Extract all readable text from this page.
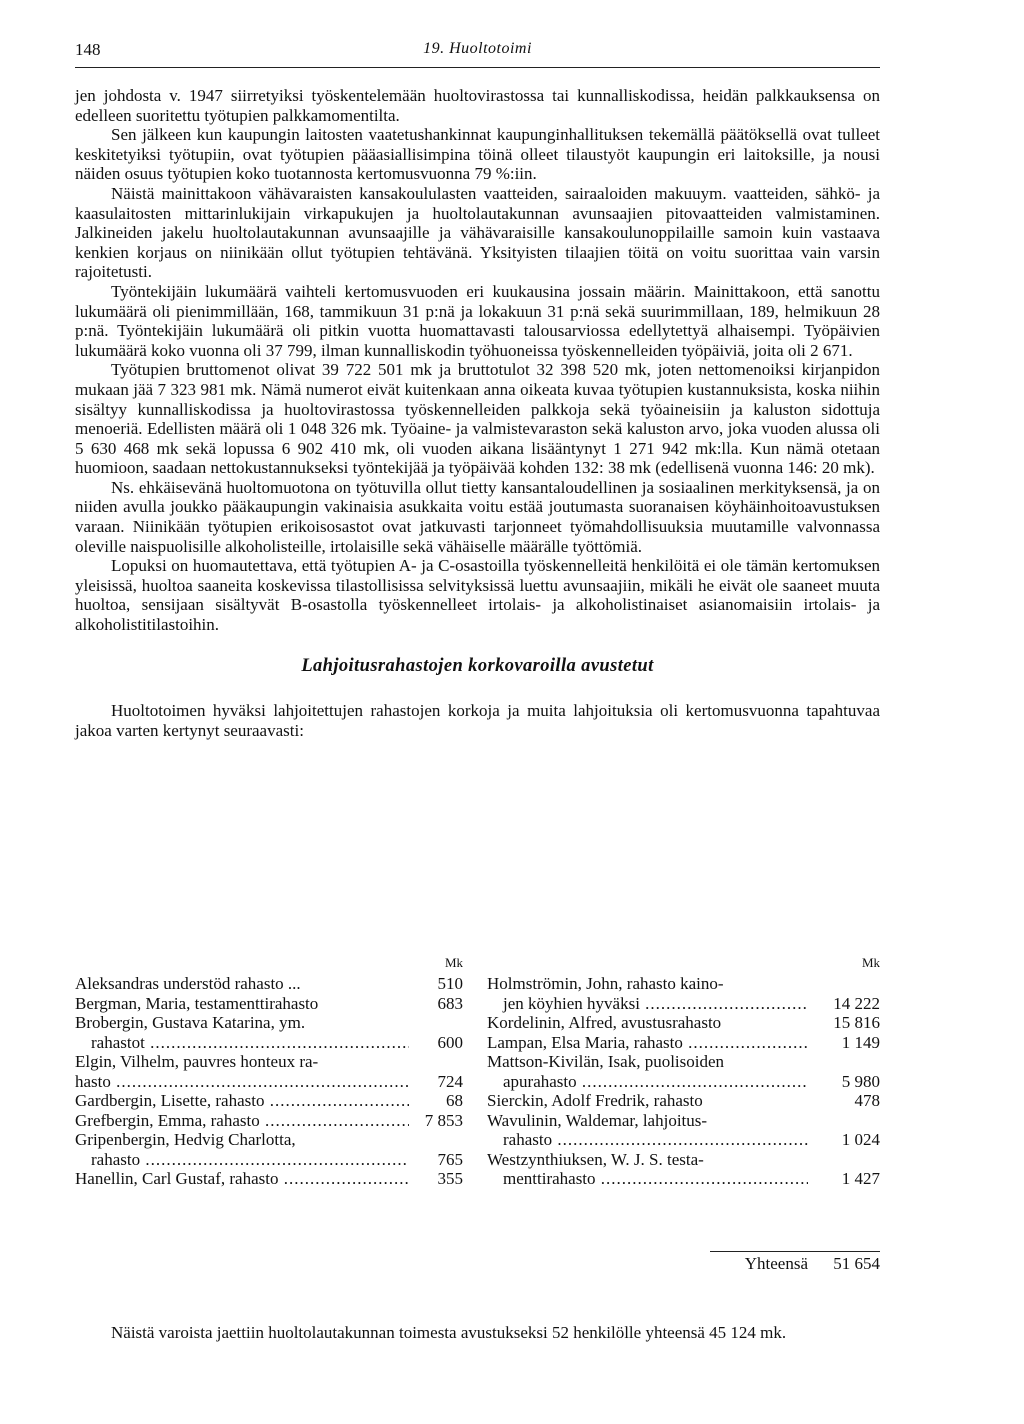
148	19. Huoltotoimi

jen johdosta v. 1947 siirretyiksi työskentelemään huoltovirastossa tai kunnalliskodissa, heidän palkkauksensa on edelleen suoritettu työtupien palkkamomentilta.

Sen jälkeen kun kaupungin laitosten vaatetushankinnat kaupunginhallituksen tekemällä päätöksellä ovat tulleet keskitetyiksi työtupiin, ovat työtupien pääasiallisimpina töinä olleet tilaustyöt kaupungin eri laitoksille, ja nousi näiden osuus työtupien koko tuotannosta kertomusvuonna 79 %:iin.

Näistä mainittakoon vähävaraisten kansakoululasten vaatteiden, sairaaloiden makuuym. vaatteiden, sähkö- ja kaasulaitosten mittarinlukijain virkapukujen ja huoltolautakunnan avunsaajien pitovaatteiden valmistaminen. Jalkineiden jakelu huoltolautakunnan avunsaajille ja vähävaraisille kansakoulunoppilaille samoin kuin vastaava kenkien korjaus on niinikään ollut työtupien tehtävänä. Yksityisten tilaajien töitä on voitu suorittaa vain varsin rajoitetusti.

Työntekijäin lukumäärä vaihteli kertomusvuoden eri kuukausina jossain määrin. Mainittakoon, että sanottu lukumäärä oli pienimmillään, 168, tammikuun 31 p:nä ja lokakuun 31 p:nä sekä suurimmillaan, 189, helmikuun 28 p:nä. Työntekijäin lukumäärä oli pitkin vuotta huomattavasti talousarviossa edellytettyä alhaisempi. Työpäivien lukumäärä koko vuonna oli 37 799, ilman kunnalliskodin työhuoneissa työskennelleiden työpäiviä, joita oli 2 671.

Työtupien bruttomenot olivat 39 722 501 mk ja bruttotulot 32 398 520 mk, joten nettomenoiksi kirjanpidon mukaan jää 7 323 981 mk. Nämä numerot eivät kuitenkaan anna oikeata kuvaa työtupien kustannuksista, koska niihin sisältyy kunnalliskodissa ja huoltovirastossa työskennelleiden palkkoja sekä työaineisiin ja kaluston sidottuja menoeriä. Edellisten määrä oli 1 048 326 mk. Työaine- ja valmistevaraston sekä kaluston arvo, joka vuoden alussa oli 5 630 468 mk sekä lopussa 6 902 410 mk, oli vuoden aikana lisääntynyt 1 271 942 mk:lla. Kun nämä otetaan huomioon, saadaan nettokustannukseksi työntekijää ja työpäivää kohden 132: 38 mk (edellisenä vuonna 146: 20 mk).

Ns. ehkäisevänä huoltomuotona on työtuvilla ollut tietty kansantaloudellinen ja sosiaalinen merkityksensä, ja on niiden avulla joukko pääkaupungin vakinaisia asukkaita voitu estää joutumasta suoranaisen köyhäinhoitoavustuksen varaan. Niinikään työtupien erikoisosastot ovat jatkuvasti tarjonneet työmahdollisuuksia muutamille valvonnassa oleville naispuolisille alkoholisteille, irtolaisille sekä vähäiselle määrälle työttömiä.

Lopuksi on huomautettava, että työtupien A- ja C-osastoilla työskennelleitä henkilöitä ei ole tämän kertomuksen yleisissä, huoltoa saaneita koskevissa tilastollisissa selvityksissä luettu avunsaajiin, mikäli he eivät ole saaneet muuta huoltoa, sensijaan sisältyvät B-osastolla työskennelleet irtolais- ja alkoholistinaiset asianomaisiin irtolais- ja alkoholistitilastoihin.

Lahjoitusrahastojen korkovaroilla avustetut

Huoltotoimen hyväksi lahjoitettujen rahastojen korkoja ja muita lahjoituksia oli kertomusvuonna tapahtuvaa jakoa varten kertynyt seuraavasti:

Mk
Aleksandras understöd rahasto ...	510
Bergman, Maria, testamenttirahasto	683
Brobergin, Gustava Katarina, ym.
rahastot .....	600
Elgin, Vilhelm, pauvres honteux ra-
hasto .....	724
Gardbergin, Lisette, rahasto .....	68
Grefbergin, Emma, rahasto .....	7 853
Gripenbergin, Hedvig Charlotta,
rahasto .....	765
Hanellin, Carl Gustaf, rahasto .....	355
Mk
Holmströmin, John, rahasto kaino-
jen köyhien hyväksi .....	14 222
Kordelinin, Alfred, avustusrahasto	15 816
Lampan, Elsa Maria, rahasto .....	1 149
Mattson-Kivilän, Isak, puolisoiden
apurahasto .....	5 980
Sierckin, Adolf Fredrik, rahasto	478
Wavulinin, Waldemar, lahjoitus-
rahasto .....	1 024
Westzynthiuksen, W. J. S. testa-
menttirahasto .....	1 427
Yhteensä	51 654

Näistä varoista jaettiin huoltolautakunnan toimesta avustukseksi 52 henkilölle yhteensä 45 124 mk.
